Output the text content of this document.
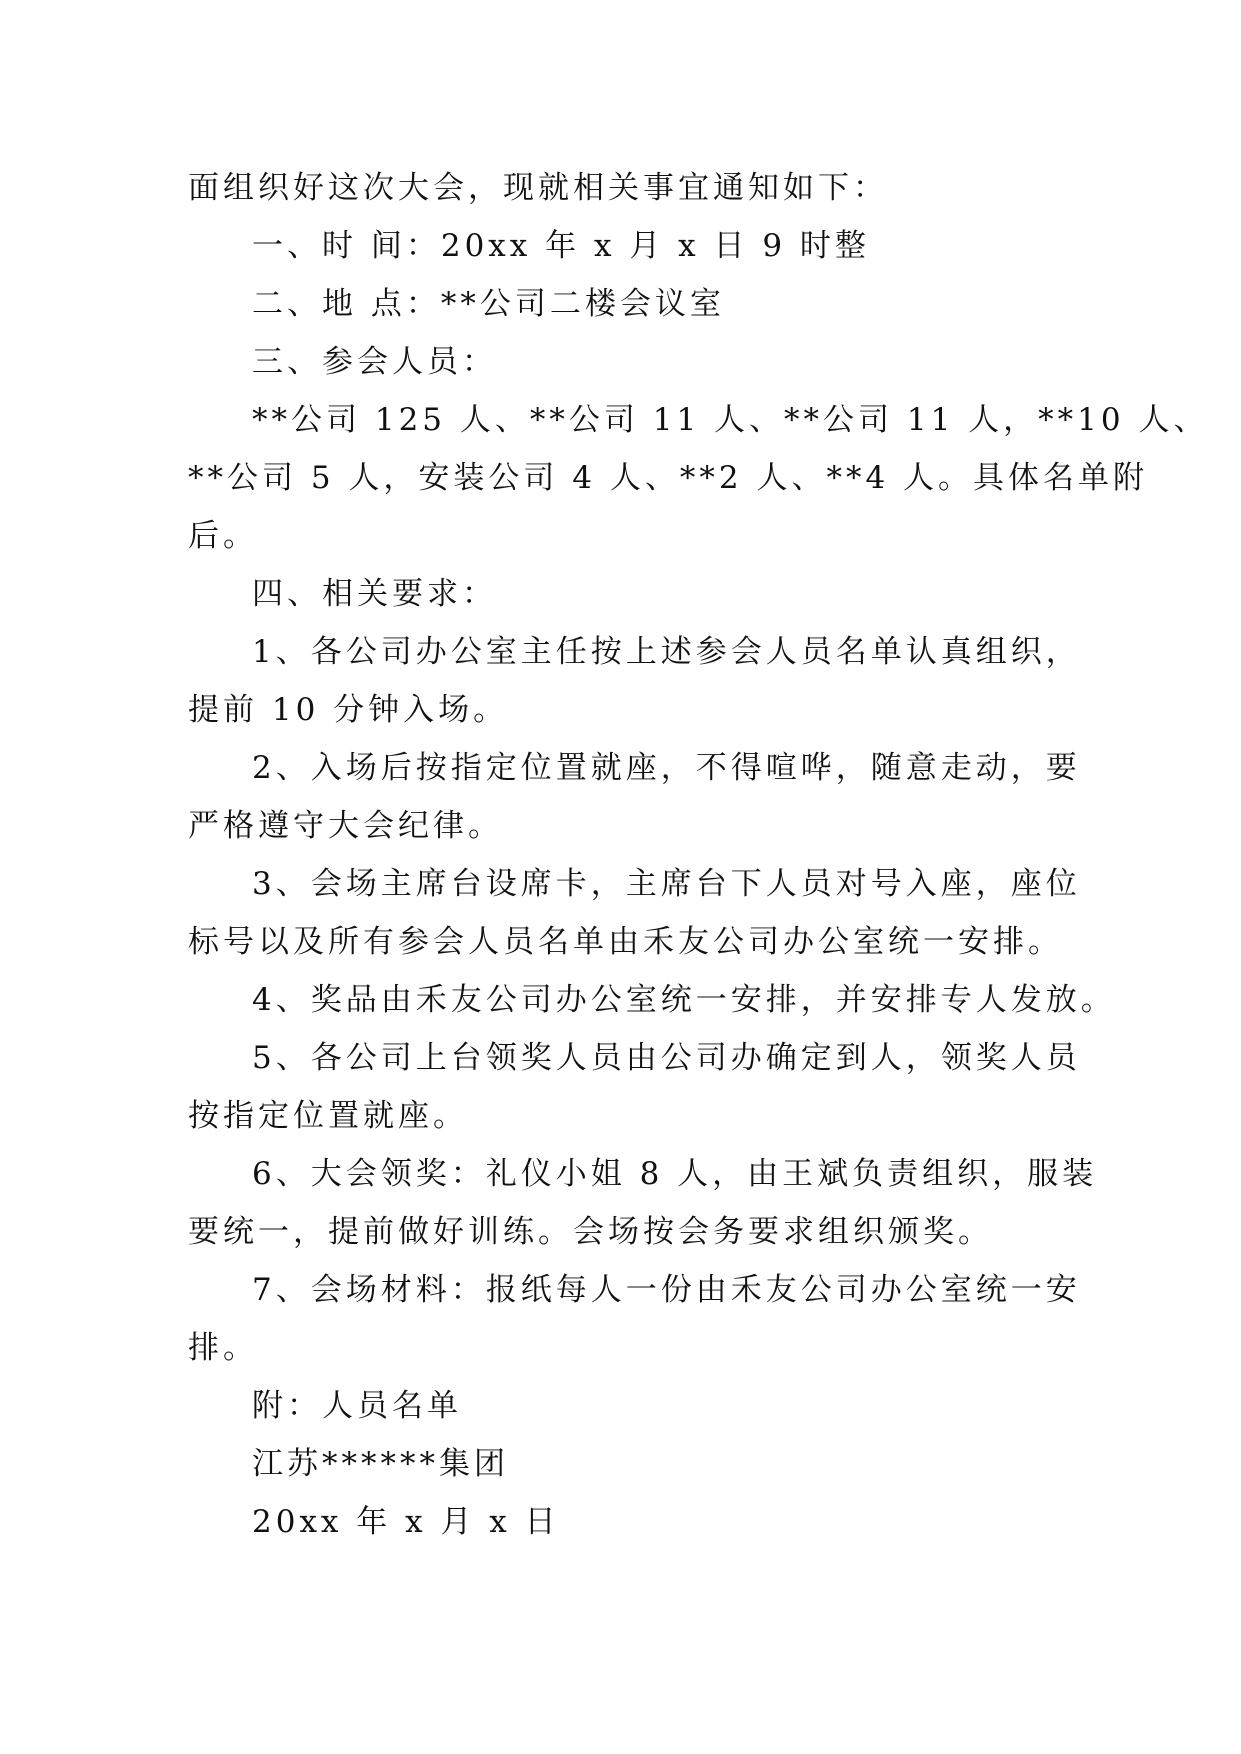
面组织好这次大会，现就相关事宜通知如下：
一、时 间：20xx 年 x 月 x 日 9 时整
二、地 点：**公司二楼会议室
三、参会人员：
**公司 125 人、**公司 11 人、**公司 11 人，**10 人、
**公司 5 人，安装公司 4 人、**2 人、**4 人。具体名单附
后。
四、相关要求：
1、各公司办公室主任按上述参会人员名单认真组织，
提前 10 分钟入场。
2、入场后按指定位置就座，不得喧哗，随意走动，要
严格遵守大会纪律。
3、会场主席台设席卡，主席台下人员对号入座，座位
标号以及所有参会人员名单由禾友公司办公室统一安排。
4、奖品由禾友公司办公室统一安排，并安排专人发放。
5、各公司上台领奖人员由公司办确定到人，领奖人员
按指定位置就座。
6、大会领奖：礼仪小姐 8 人，由王斌负责组织，服装
要统一，提前做好训练。会场按会务要求组织颁奖。
7、会场材料：报纸每人一份由禾友公司办公室统一安
排。
附：人员名单
江苏******集团
20xx 年 x 月 x 日
